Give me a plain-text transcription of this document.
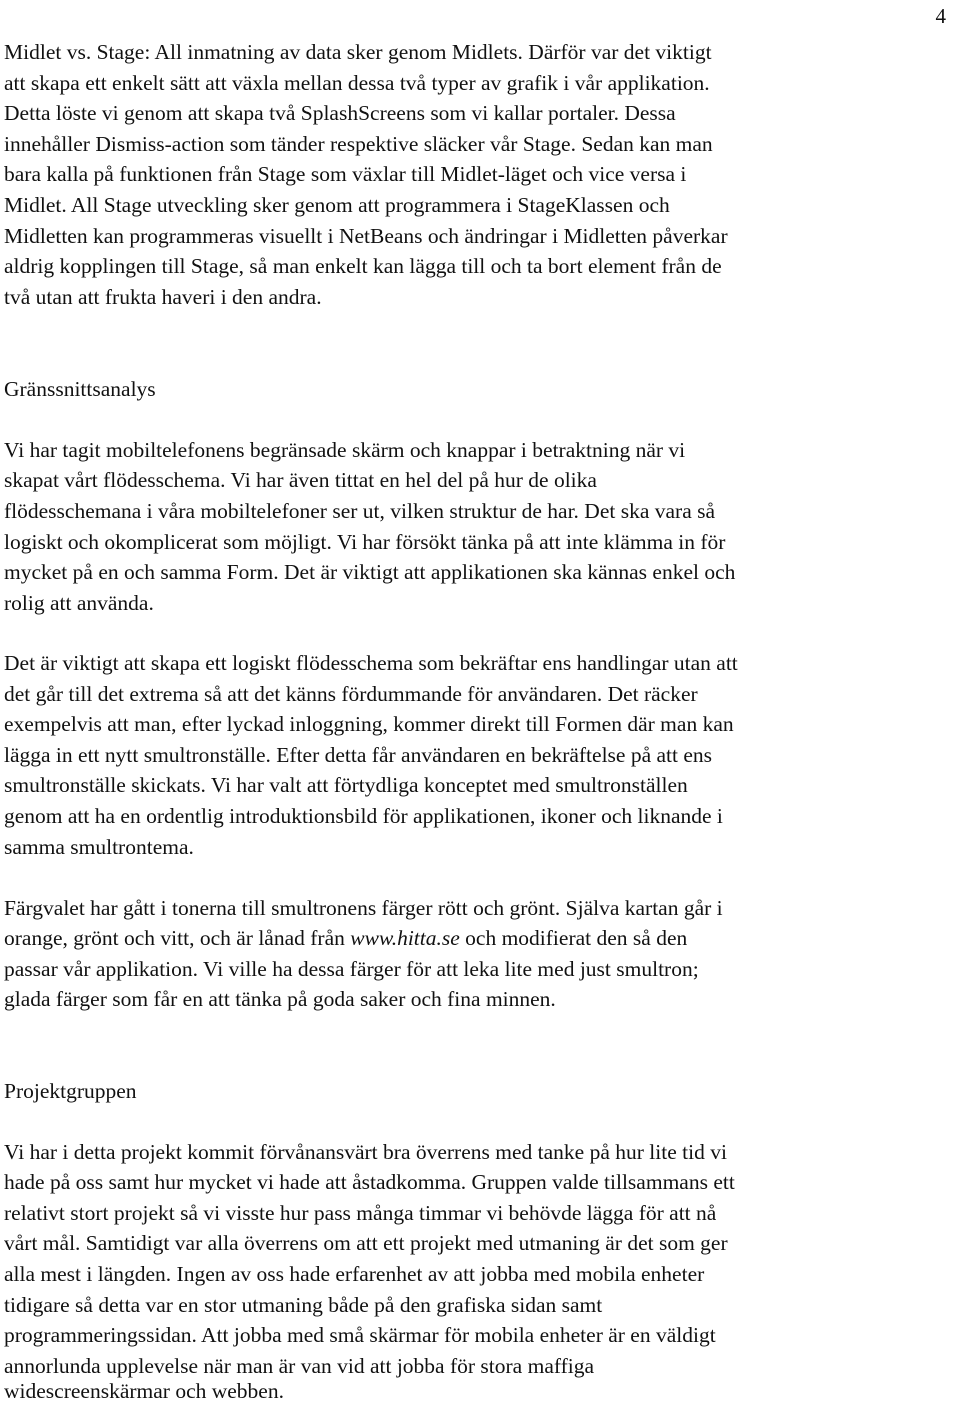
4
Midlet vs. Stage: All inmatning av data sker genom Midlets. Därför var det viktigt
att skapa ett enkelt sätt att växla mellan dessa två typer av grafik i vår applikation.
Detta löste vi genom att skapa två SplashScreens som vi kallar portaler. Dessa
innehåller Dismiss-action som tänder respektive släcker vår Stage. Sedan kan man
bara kalla på funktionen från Stage som växlar till Midlet-läget och vice versa i
Midlet. All Stage utveckling sker genom att programmera i StageKlassen och
Midletten kan programmeras visuellt i NetBeans och ändringar i Midletten påverkar
aldrig kopplingen till Stage, så man enkelt kan lägga till och ta bort element från de
två utan att frukta haveri i den andra.
Gränssnittsanalys
Vi har tagit mobiltelefonens begränsade skärm och knappar i betraktning när vi
skapat vårt flödesschema. Vi har även tittat en hel del på hur de olika
flödesschemana i våra mobiltelefoner ser ut, vilken struktur de har. Det ska vara så
logiskt och okomplicerat som möjligt. Vi har försökt tänka på att inte klämma in för
mycket på en och samma Form. Det är viktigt att applikationen ska kännas enkel och
rolig att använda.
Det är viktigt att skapa ett logiskt flödesschema som bekräftar ens handlingar utan att
det går till det extrema så att det känns fördummande för användaren. Det räcker
exempelvis att man, efter lyckad inloggning, kommer direkt till Formen där man kan
lägga in ett nytt smultronställe. Efter detta får användaren en bekräftelse på att ens
smultronställe skickats. Vi har valt att förtydliga konceptet med smultronställen
genom att ha en ordentlig introduktionsbild för applikationen, ikoner och liknande i
samma smultrontema.
Färgvalet har gått i tonerna till smultronens färger rött och grönt. Själva kartan går i
orange, grönt och vitt, och är lånad från www.hitta.se och modifierat den så den
passar vår applikation. Vi ville ha dessa färger för att leka lite med just smultron;
glada färger som får en att tänka på goda saker och fina minnen.
Projektgruppen
Vi har i detta projekt kommit förvånansvärt bra överrens med tanke på hur lite tid vi
hade på oss samt hur mycket vi hade att åstadkomma. Gruppen valde tillsammans ett
relativt stort projekt så vi visste hur pass många timmar vi behövde lägga för att nå
vårt mål. Samtidigt var alla överrens om att ett projekt med utmaning är det som ger
alla mest i längden. Ingen av oss hade erfarenhet av att jobba med mobila enheter
tidigare så detta var en stor utmaning både på den grafiska sidan samt
programmeringssidan. Att jobba med små skärmar för mobila enheter är en väldigt
annorlunda upplevelse när man är van vid att jobba för stora maffiga
widescreenskärmar och webben.
